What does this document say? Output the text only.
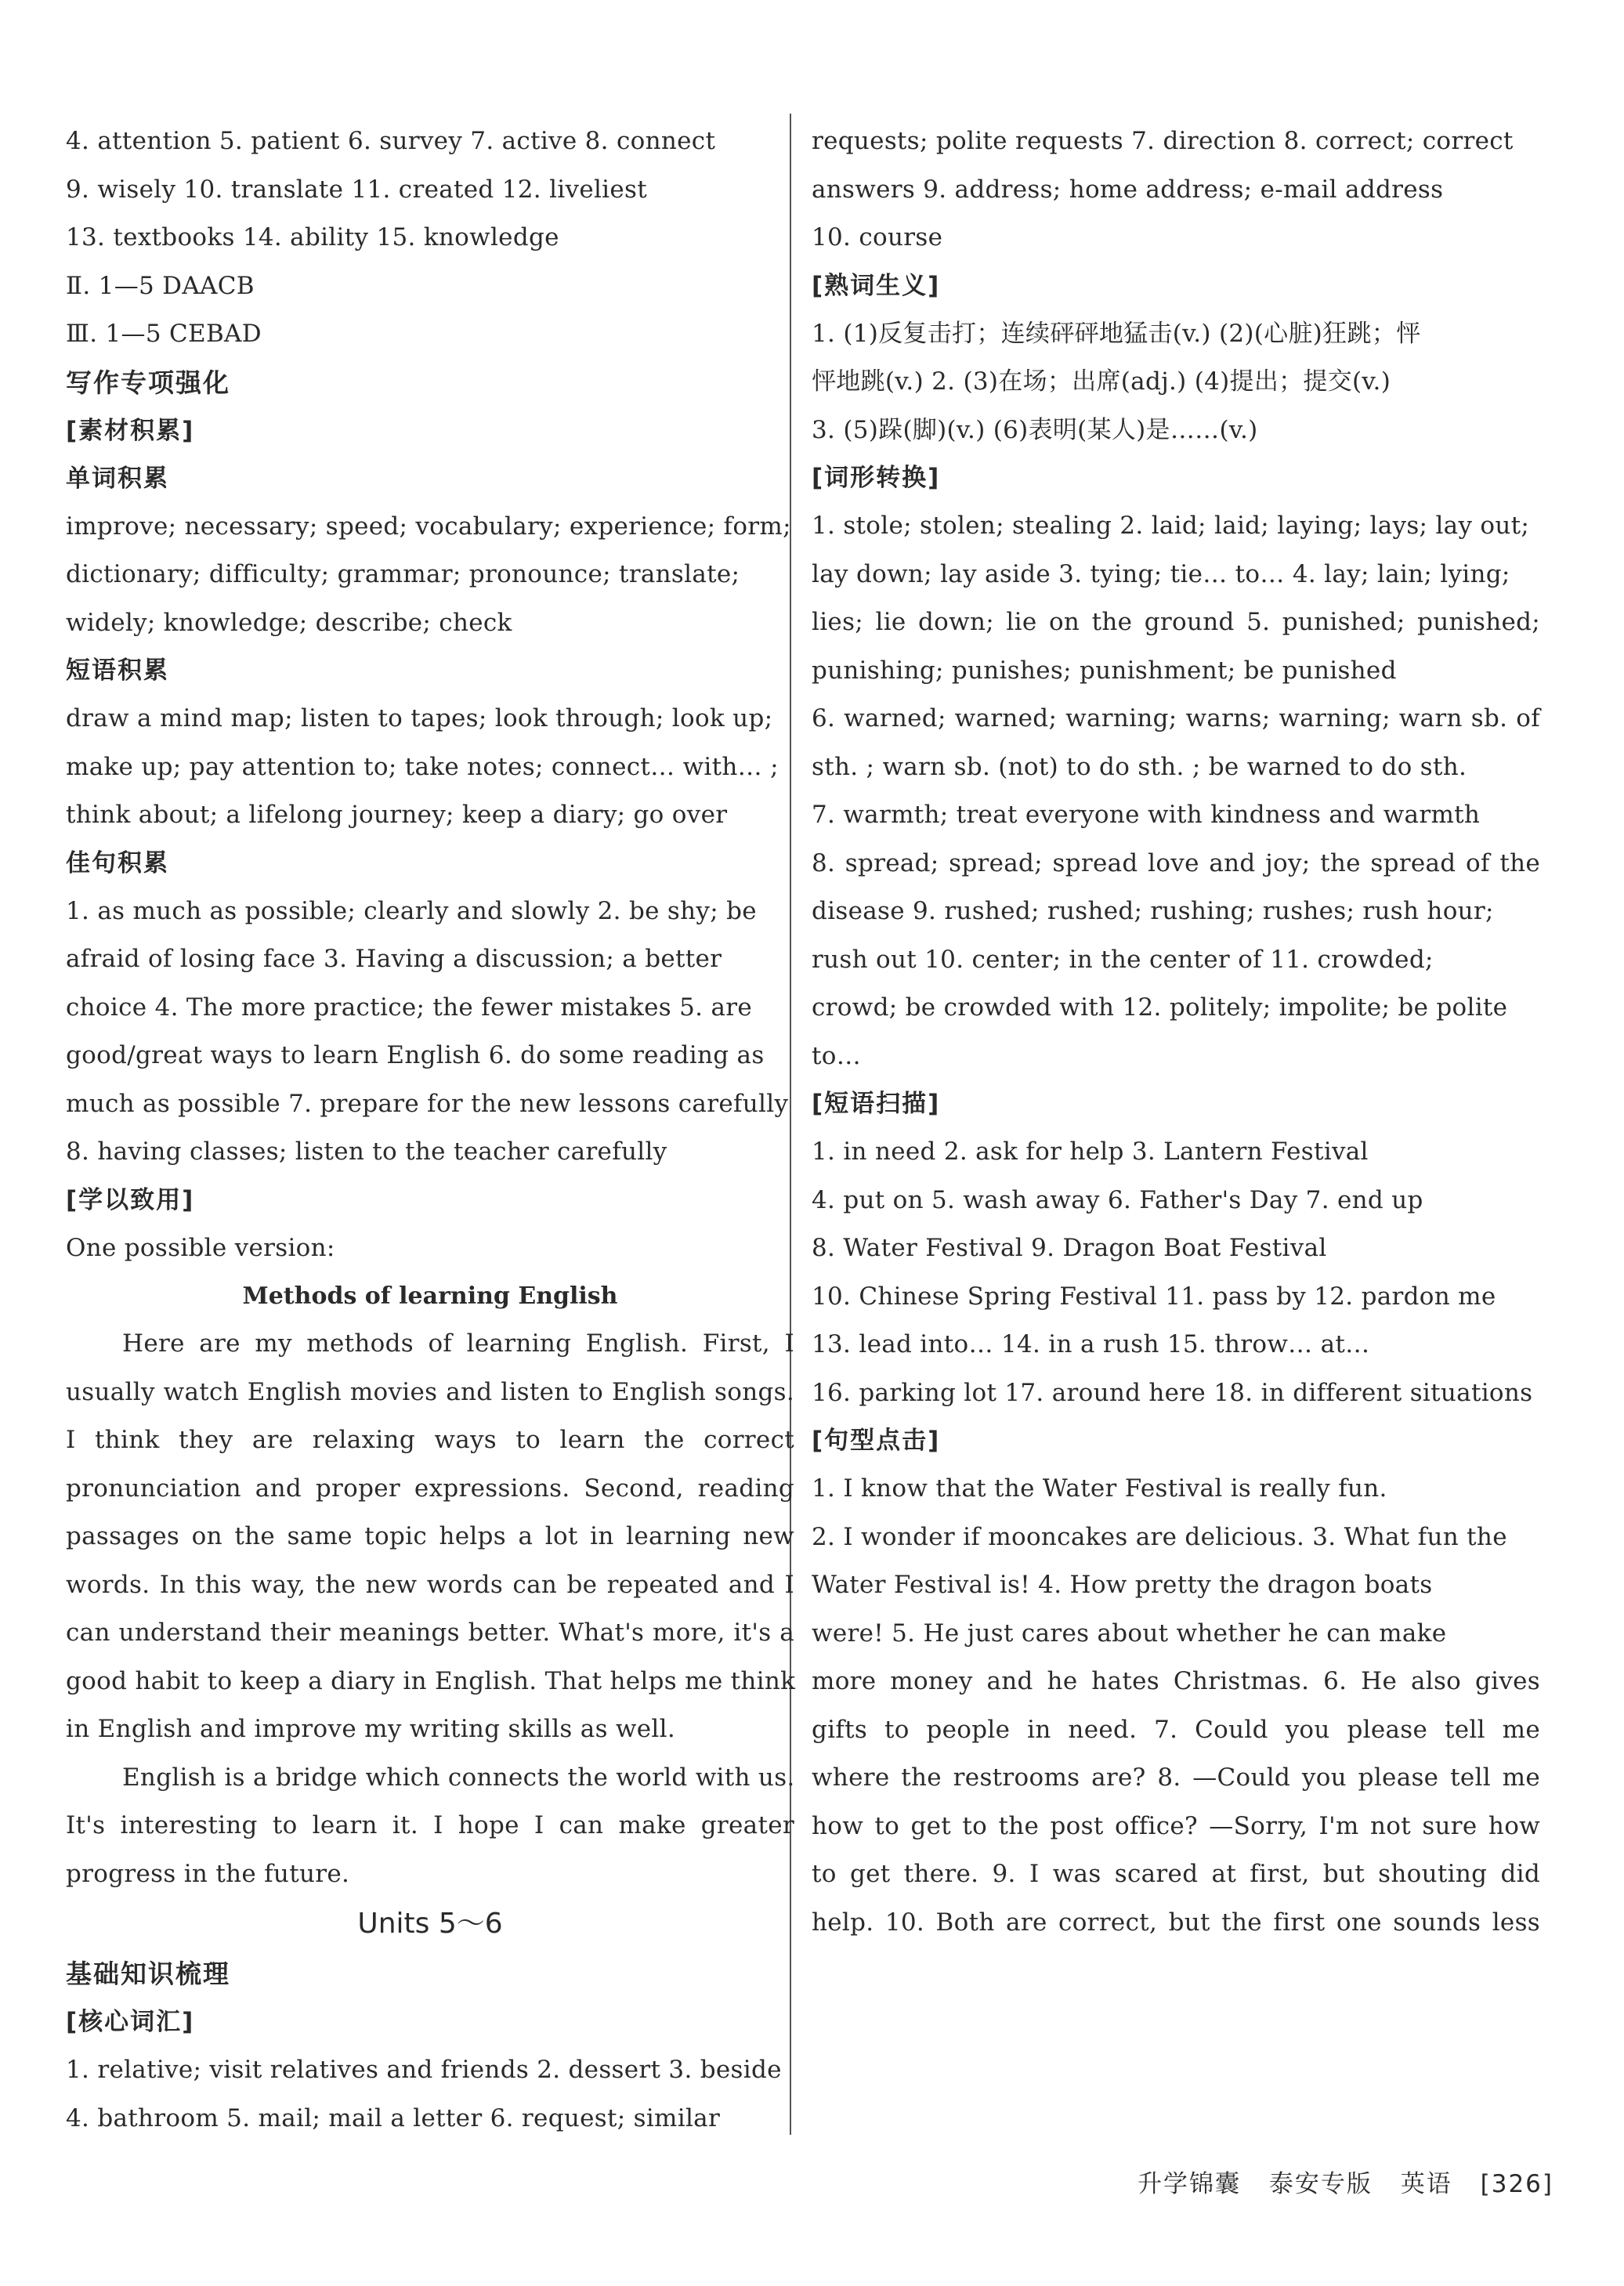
4. attention 5. patient 6. survey 7. active 8. connect
9. wisely 10. translate 11. created 12. liveliest
13. textbooks 14. ability 15. knowledge
Ⅱ. 1—5 DAACB
Ⅲ. 1—5 CEBAD
写作专项强化
[素材积累]
单词积累
improve; necessary; speed; vocabulary; experience; form;
dictionary; difficulty; grammar; pronounce; translate;
widely; knowledge; describe; check
短语积累
draw a mind map; listen to tapes; look through; look up;
make up; pay attention to; take notes; connect… with… ;
think about; a lifelong journey; keep a diary; go over
佳句积累
1. as much as possible; clearly and slowly 2. be shy; be
afraid of losing face 3. Having a discussion; a better
choice 4. The more practice; the fewer mistakes 5. are
good/great ways to learn English 6. do some reading as
much as possible 7. prepare for the new lessons carefully
8. having classes; listen to the teacher carefully
[学以致用]
One possible version:
Methods of learning English
Here are my methods of learning English. First, I
usually watch English movies and listen to English songs.
I think they are relaxing ways to learn the correct
pronunciation and proper expressions. Second, reading
passages on the same topic helps a lot in learning new
words. In this way, the new words can be repeated and I
can understand their meanings better. What's more, it's a
good habit to keep a diary in English. That helps me think
in English and improve my writing skills as well.
English is a bridge which connects the world with us.
It's interesting to learn it. I hope I can make greater
progress in the future.
Units 5～6
基础知识梳理
[核心词汇]
1. relative; visit relatives and friends 2. dessert 3. beside
4. bathroom 5. mail; mail a letter 6. request; similar
requests; polite requests 7. direction 8. correct; correct
answers 9. address; home address; e-mail address
10. course
[熟词生义]
1. (1)反复击打；连续砰砰地猛击(v.) (2)(心脏)狂跳；怦
怦地跳(v.) 2. (3)在场；出席(adj.) (4)提出；提交(v.)
3. (5)跺(脚)(v.) (6)表明(某人)是……(v.)
[词形转换]
1. stole; stolen; stealing 2. laid; laid; laying; lays; lay out;
lay down; lay aside 3. tying; tie… to… 4. lay; lain; lying;
lies; lie down; lie on the ground 5. punished; punished;
punishing; punishes; punishment; be punished
6. warned; warned; warning; warns; warning; warn sb. of
sth. ; warn sb. (not) to do sth. ; be warned to do sth.
7. warmth; treat everyone with kindness and warmth
8. spread; spread; spread love and joy; the spread of the
disease 9. rushed; rushed; rushing; rushes; rush hour;
rush out 10. center; in the center of 11. crowded;
crowd; be crowded with 12. politely; impolite; be polite
to…
[短语扫描]
1. in need 2. ask for help 3. Lantern Festival
4. put on 5. wash away 6. Father's Day 7. end up
8. Water Festival 9. Dragon Boat Festival
10. Chinese Spring Festival 11. pass by 12. pardon me
13. lead into… 14. in a rush 15. throw… at…
16. parking lot 17. around here 18. in different situations
[句型点击]
1. I know that the Water Festival is really fun.
2. I wonder if mooncakes are delicious. 3. What fun the
Water Festival is! 4. How pretty the dragon boats
were! 5. He just cares about whether he can make
more money and he hates Christmas. 6. He also gives
gifts to people in need. 7. Could you please tell me
where the restrooms are? 8. —Could you please tell me
how to get to the post office? —Sorry, I'm not sure how
to get there. 9. I was scared at first, but shouting did
help. 10. Both are correct, but the first one sounds less
升学锦囊 泰安专版 英语 [326]
